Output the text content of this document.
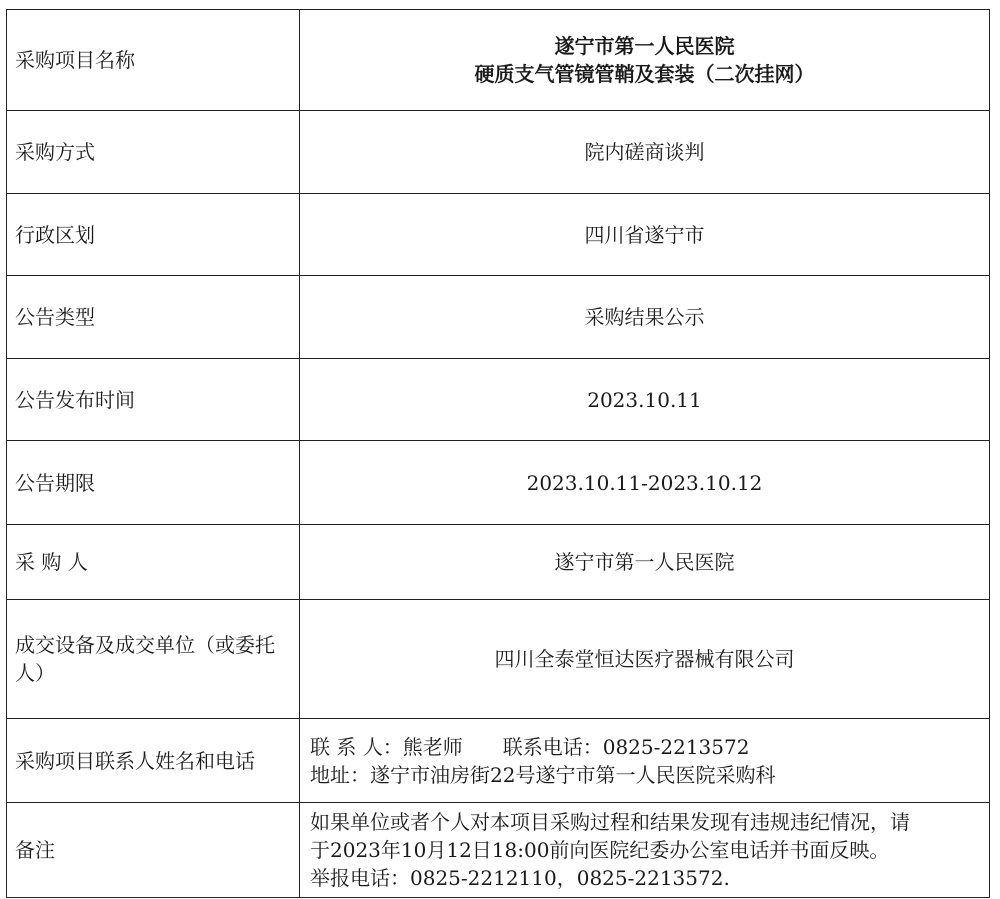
采购项目名称	遂宁市第一人民医院
硬质支气管镜管鞘及套装（二次挂网）

采购方式	院内磋商谈判
行政区划	四川省遂宁市
公告类型	采购结果公示
公告发布时间	2023.10.11
公告期限	2023.10.11-2023.10.12
采 购 人	遂宁市第一人民医院
成交设备及成交单位（或委托人）	四川全泰堂恒达医疗器械有限公司
采购项目联系人姓名和电话	联 系 人：熊老师 联系电话：0825-2213572
地址：遂宁市油房街22号遂宁市第一人民医院采购科

备注	如果单位或者个人对本项目采购过程和结果发现有违规违纪情况，请
于2023年10月12日18:00前向医院纪委办公室电话并书面反映。
举报电话：0825-2212110，0825-2213572.
